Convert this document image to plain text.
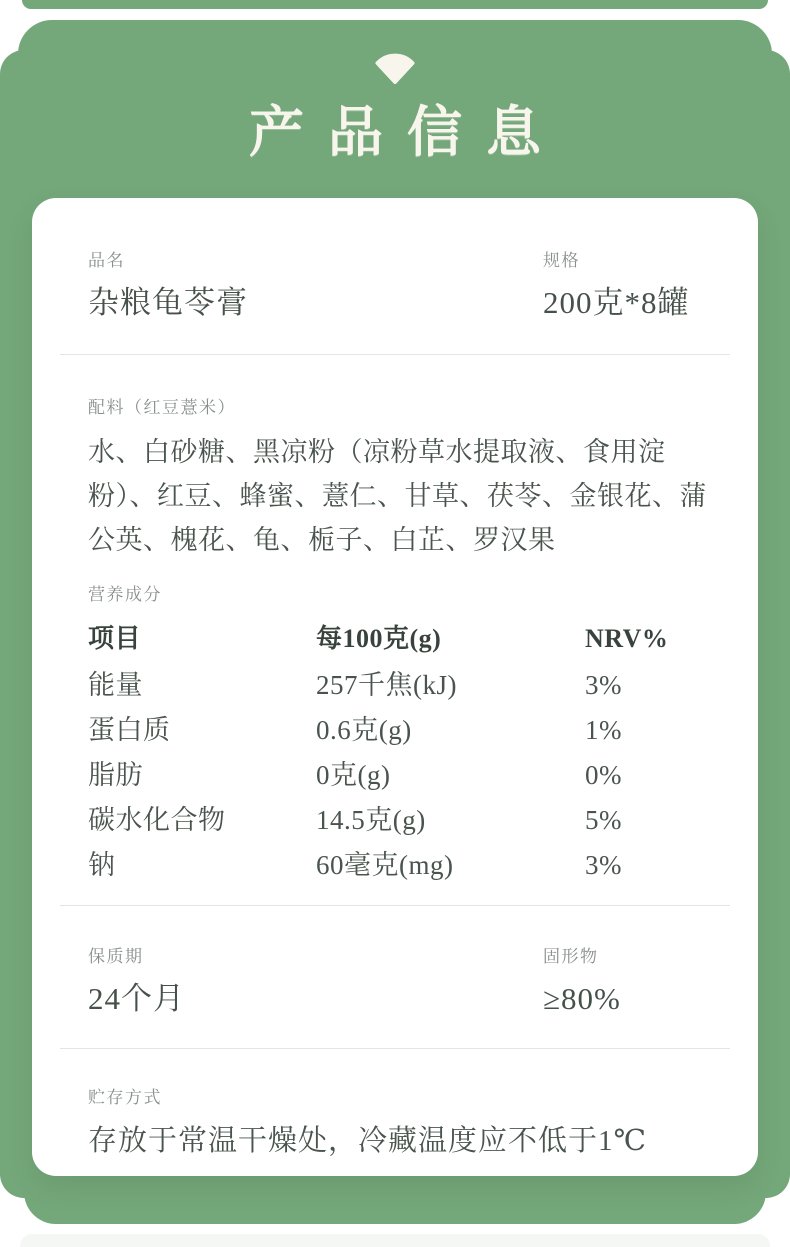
产品信息
品名
杂粮龟苓膏
规格
200克*8罐
配料（红豆薏米）
水、白砂糖、黑凉粉（凉粉草水提取液、食用淀粉）、红豆、蜂蜜、薏仁、甘草、茯苓、金银花、蒲公英、槐花、龟、栀子、白芷、罗汉果
营养成分
项目	每100克(g)	NRV%
能量	257千焦(kJ)	3%
蛋白质	0.6克(g)	1%
脂肪	0克(g)	0%
碳水化合物	14.5克(g)	5%
钠	60毫克(mg)	3%
保质期
24个月
固形物
≥80%
贮存方式
存放于常温干燥处，冷藏温度应不低于1℃
